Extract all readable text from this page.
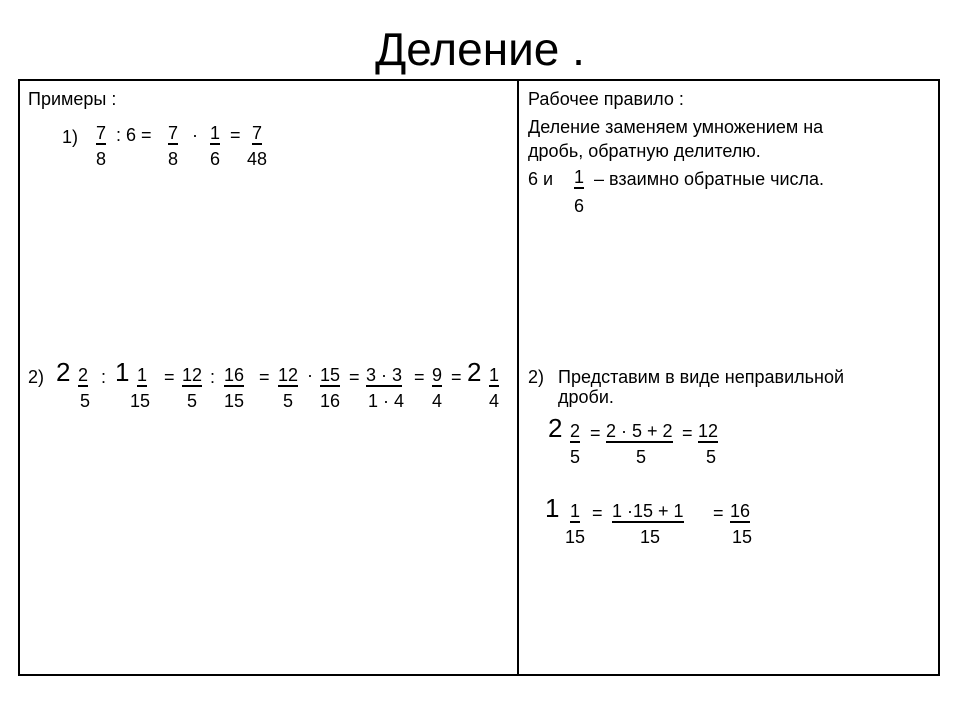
Деление .
Примеры :
1) 7 : 6 = 7 · 1 = 7
8	8 6 48
2) 2 2 : 1 1 = 12 : 16 = 12 · 15 = 3 · 3 = 9 = 2 1
5 15 5 15 5 16 1 · 4 4	4
Рабочее правило :
Деление заменяем умножением на
дробь, обратную делителю.
6 и 1 – взаимно обратные числа.
6
2) Представим в виде неправильной
дроби.
2 2 = 2 · 5 + 2 = 12
5	5	5
1 1 = 1 ·15 + 1 = 16
15	15	15
